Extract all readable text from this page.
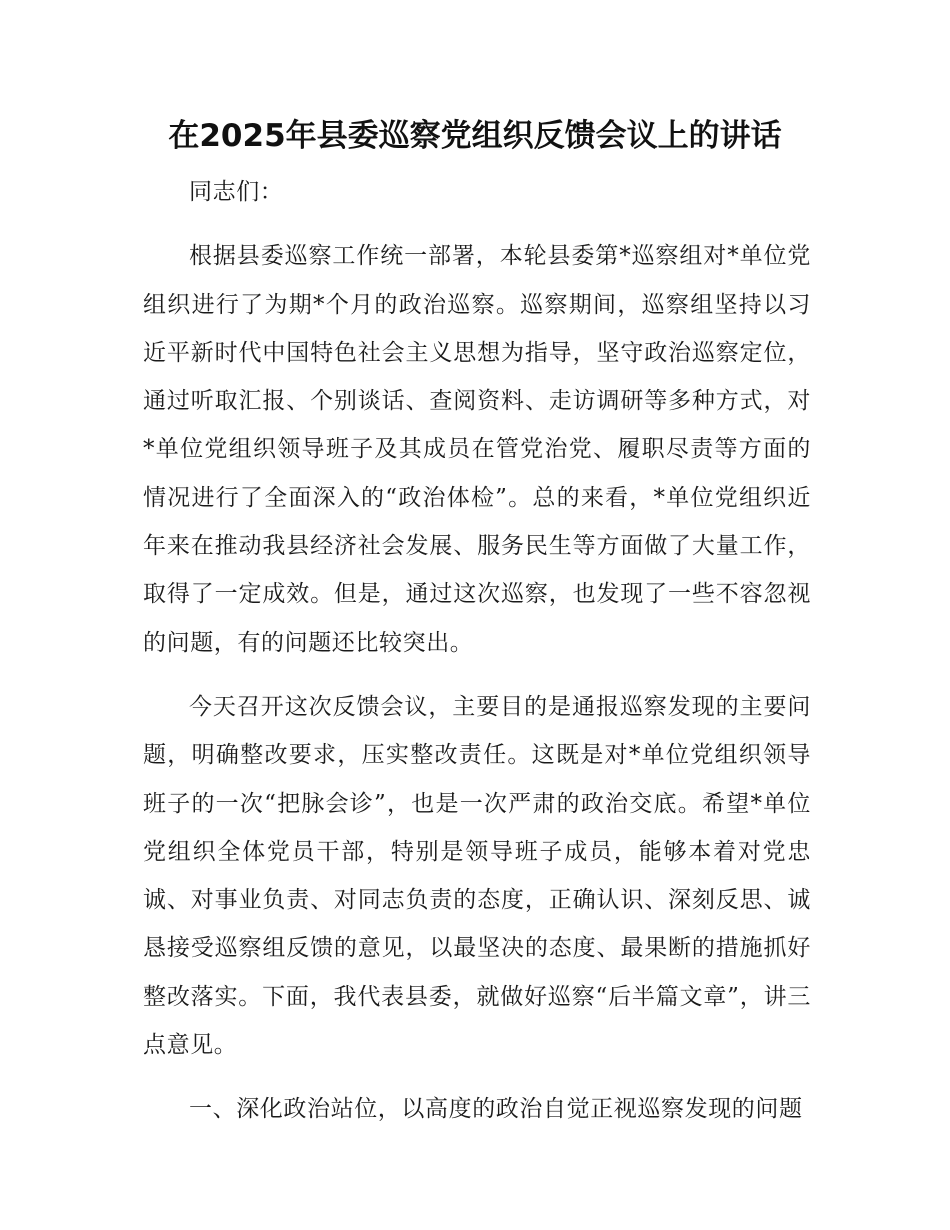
在2025年县委巡察党组织反馈会议上的讲话

同志们：

根据县委巡察工作统一部署，本轮县委第*巡察组对*单位党组织进行了为期*个月的政治巡察。巡察期间，巡察组坚持以习近平新时代中国特色社会主义思想为指导，坚守政治巡察定位，通过听取汇报、个别谈话、查阅资料、走访调研等多种方式，对*单位党组织领导班子及其成员在管党治党、履职尽责等方面的情况进行了全面深入的“政治体检”。总的来看，*单位党组织近年来在推动我县经济社会发展、服务民生等方面做了大量工作，取得了一定成效。但是，通过这次巡察，也发现了一些不容忽视的问题，有的问题还比较突出。

今天召开这次反馈会议，主要目的是通报巡察发现的主要问题，明确整改要求，压实整改责任。这既是对*单位党组织领导班子的一次“把脉会诊”，也是一次严肃的政治交底。希望*单位党组织全体党员干部，特别是领导班子成员，能够本着对党忠诚、对事业负责、对同志负责的态度，正确认识、深刻反思、诚恳接受巡察组反馈的意见，以最坚决的态度、最果断的措施抓好整改落实。下面，我代表县委，就做好巡察“后半篇文章”，讲三点意见。

一、深化政治站位，以高度的政治自觉正视巡察发现的问题
